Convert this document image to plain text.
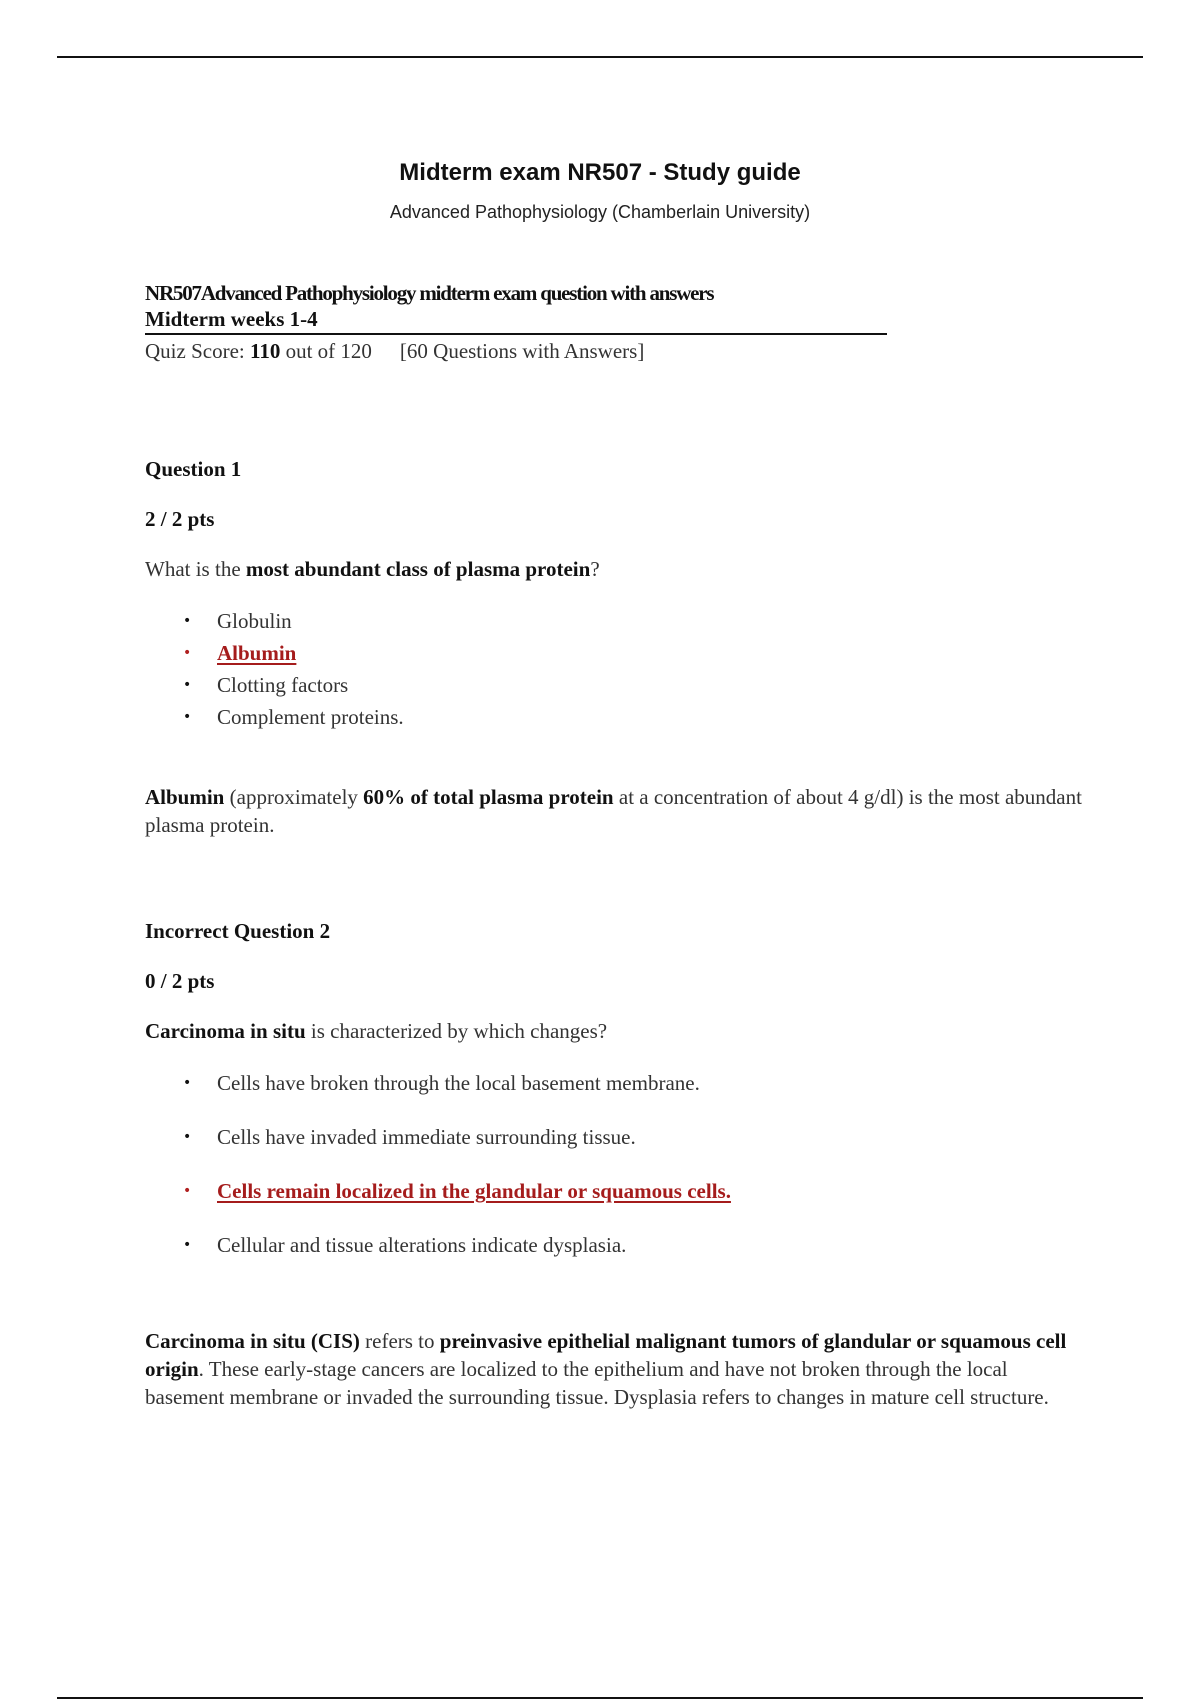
Midterm exam NR507 - Study guide
Advanced Pathophysiology (Chamberlain University)
NR507Advanced Pathophysiology midterm exam question with answers
Midterm weeks 1-4
Quiz Score: 110 out of 120 [60 Questions with Answers]
Question 1
2 / 2 pts
What is the most abundant class of plasma protein?
• Globulin
• Albumin
• Clotting factors
• Complement proteins.
Albumin (approximately 60% of total plasma protein at a concentration of about 4 g/dl) is the most abundant plasma protein.
Incorrect Question 2
0 / 2 pts
Carcinoma in situ is characterized by which changes?
• Cells have broken through the local basement membrane.
• Cells have invaded immediate surrounding tissue.
• Cells remain localized in the glandular or squamous cells.
• Cellular and tissue alterations indicate dysplasia.
Carcinoma in situ (CIS) refers to preinvasive epithelial malignant tumors of glandular or squamous cell origin. These early-stage cancers are localized to the epithelium and have not broken through the local basement membrane or invaded the surrounding tissue. Dysplasia refers to changes in mature cell structure.
